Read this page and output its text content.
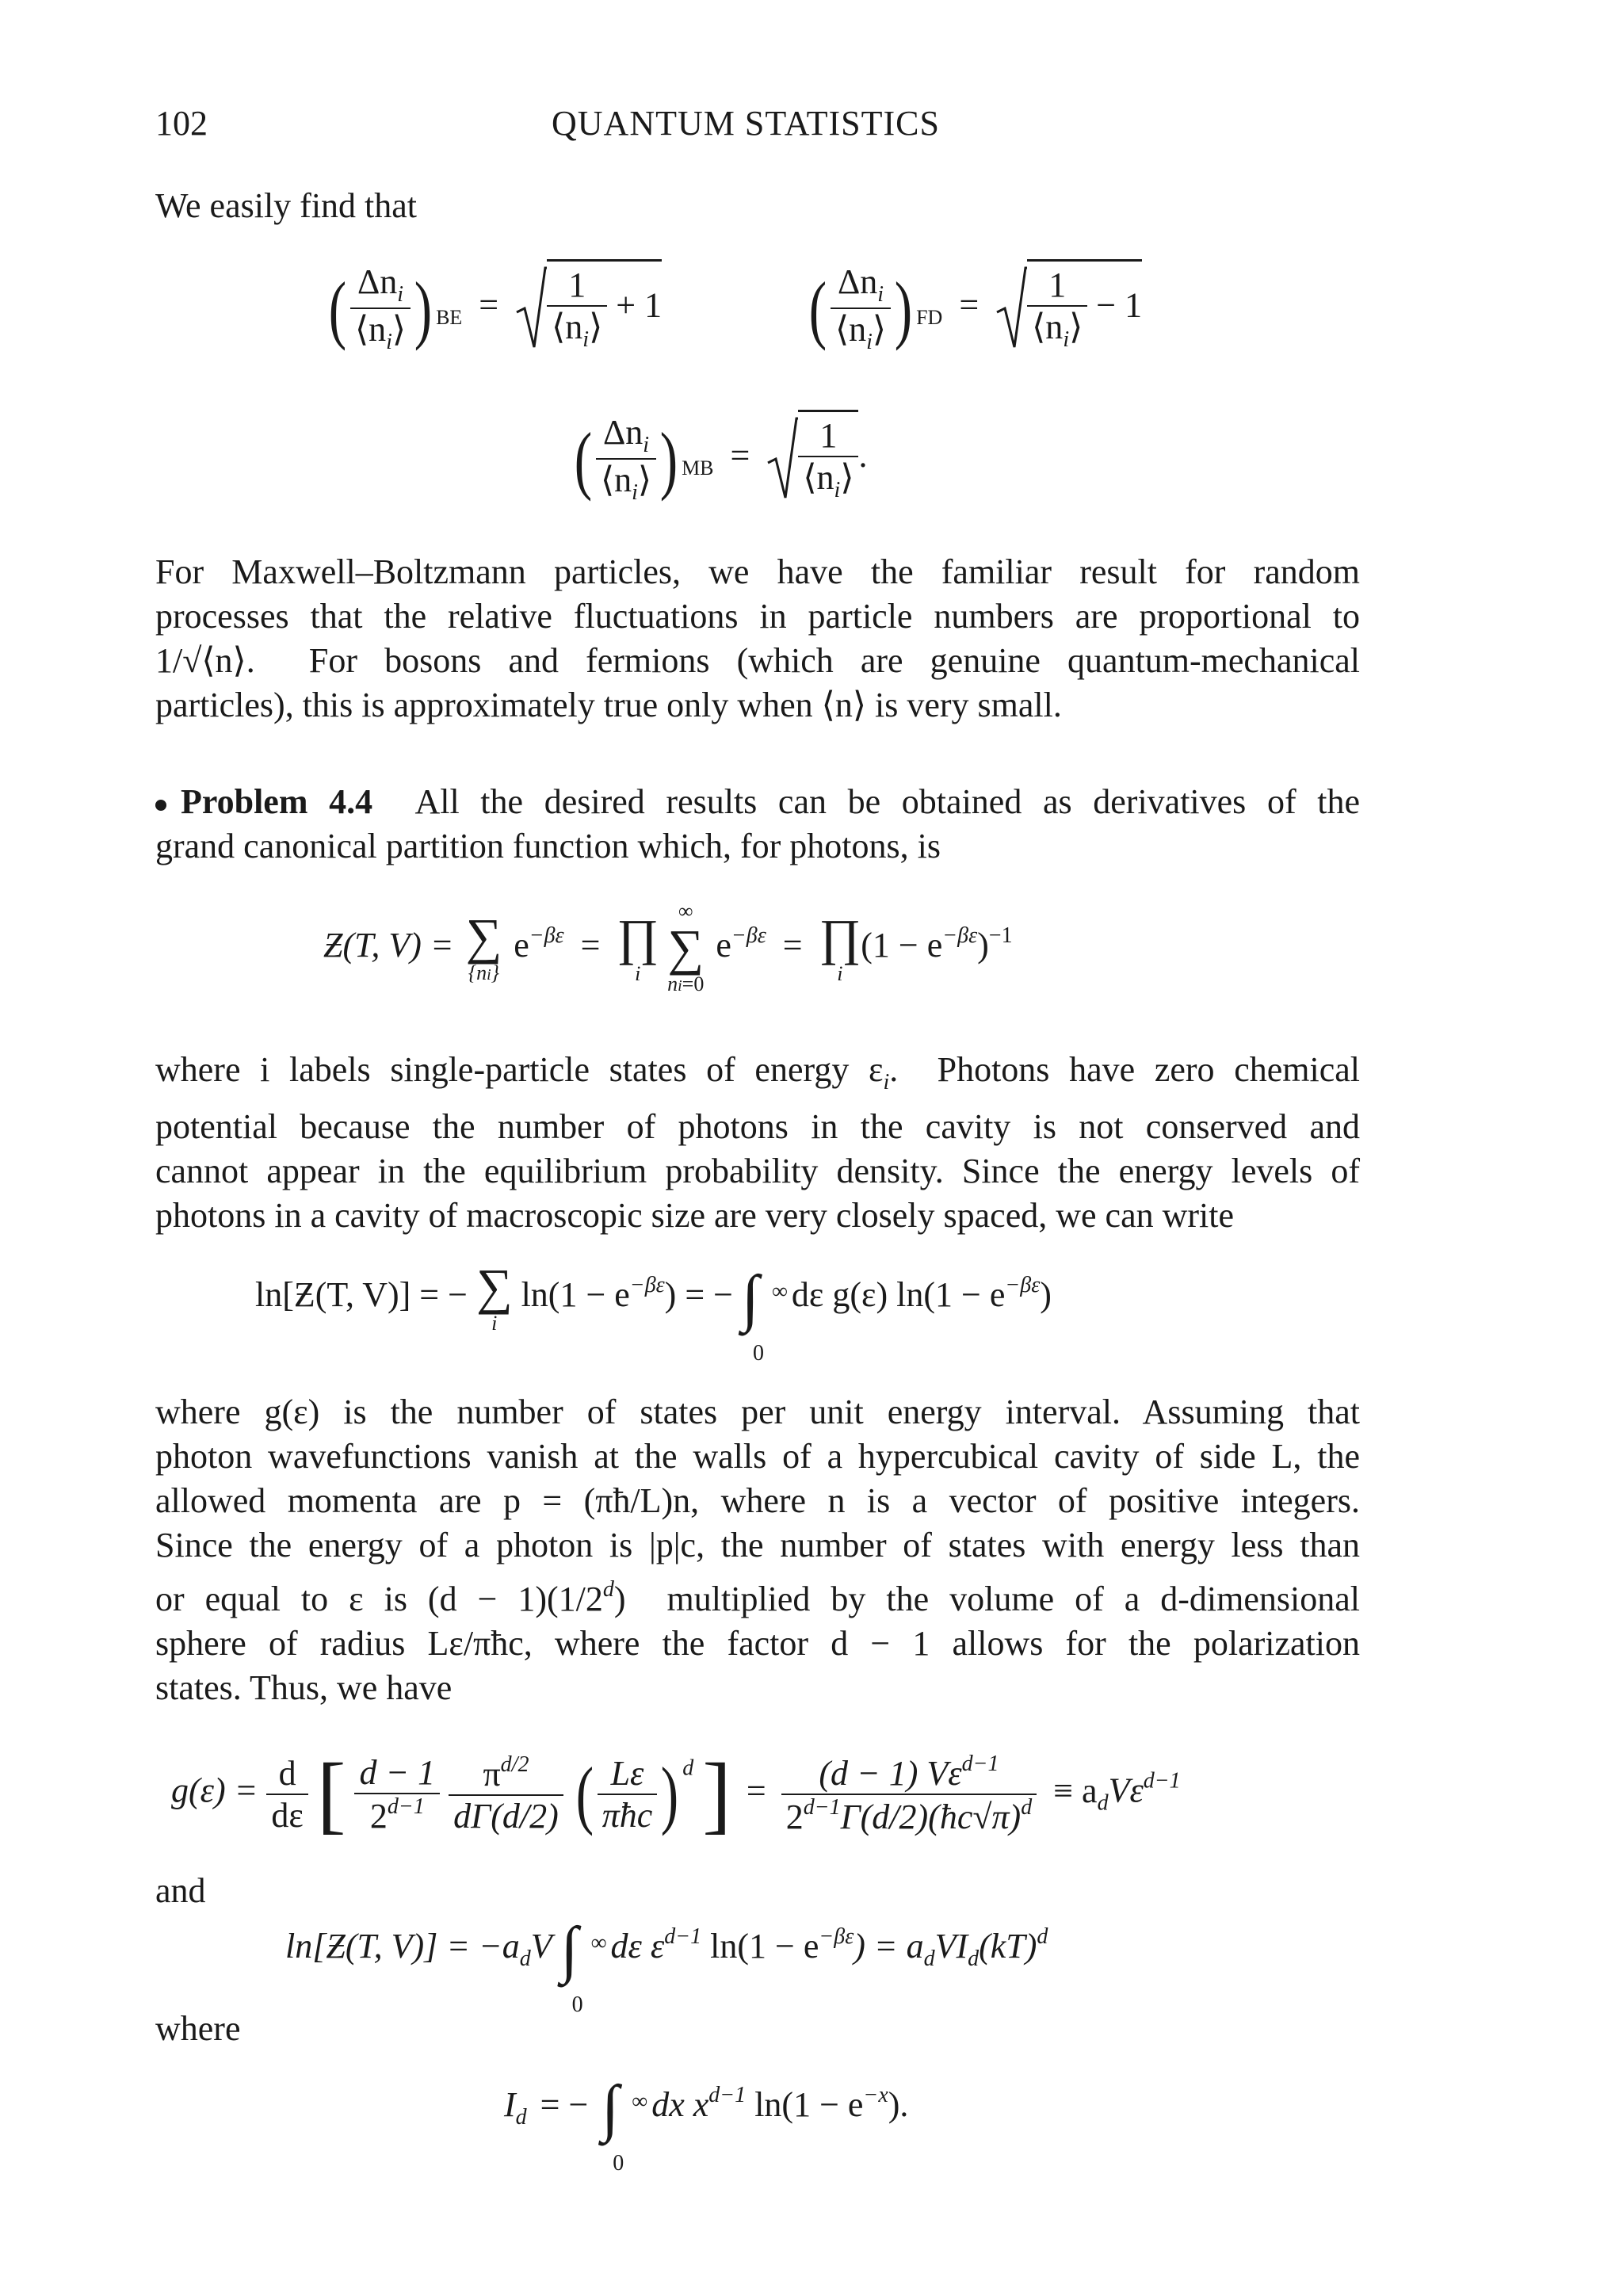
102	QUANTUM STATISTICS
We easily find that
( $\frac{\Delta n_i}{⟨n_i⟩}$ ) $_{BE} = \frac{1}{⟨n_i⟩} + 1$ ( $\frac{\Delta n_i}{⟨n_i⟩}$ ) $_{FD} = \frac{1}{⟨n_i⟩} - 1$
( $\frac{\Delta n_i}{⟨n_i⟩}$ ) $_{MB} = \frac{1}{⟨n_i⟩}$ .
For Maxwell–Boltzmann particles, we have the familiar result for random
processes that the relative fluctuations in particle numbers are proportional to
1/√⟨n⟩. For bosons and fermions (which are genuine quantum-mechanical
particles), this is approximately true only when ⟨n⟩ is very small.
Problem 4.4 All the desired results can be obtained as derivatives of the
grand canonical partition function which, for photons, is
Ƶ(T, V) = ∑
{ni}
$e^{-\beta\varepsilon}$ = ∏
i

∞
∑
ni=0
$e^{-\beta\varepsilon}$ = ∏
i
$(1 - e^{-\beta\varepsilon})^{-1}$
where i labels single-particle states of energy $\varepsilon_i$.  Photons have zero chemical
potential because the number of photons in the cavity is not conserved and
cannot appear in the equilibrium probability density. Since the energy levels of
photons in a cavity of macroscopic size are very closely spaced, we can write
ln[Ƶ(T, V)] = − ∑
i
$\ln(1 - e^{-\beta\varepsilon})$ = − ∫ ∞
0
dε g(ε) $\ln(1 - e^{-\beta\varepsilon})$
where g(ε) is the number of states per unit energy interval. Assuming that
photon wavefunctions vanish at the walls of a hypercubical cavity of side L, the
allowed momenta are p = (πħ/L)n, where n is a vector of positive integers.
Since the energy of a photon is |p|c, the number of states with energy less than
or equal to ε is $(d - 1)(1/2^d)$ multiplied by the volume of a d-dimensional
sphere of radius Lε/πħc, where the factor d − 1 allows for the polarization
states. Thus, we have
$g(\varepsilon) = \frac{d}{d\varepsilon}$ [ $\frac{d - 1}{2^{d-1}}$
$\frac{\pi^{d/2}}{d\Gamma(d/2)}$ ( $\frac{L\varepsilon}{\text{πħc}}$ ) $^d$ ] = $\frac{(d - 1) V\varepsilon^{d-1}}{2^{d-1}\Gamma(d/2)(ħc√\pi)^d} \equiv a_dV\varepsilon^{d-1}$
and
ln[Ƶ(T, $V)] = -a_dV$ ∫ ∞
0
dε $\varepsilon^{d-1}$ $\ln(1 - e^{-\beta\varepsilon}) = a_dVI_d(kT)^d$
where
$I_d$ = − ∫ ∞
0
dx $x^{d-1}$ $\ln(1 - e^{-x})$.
